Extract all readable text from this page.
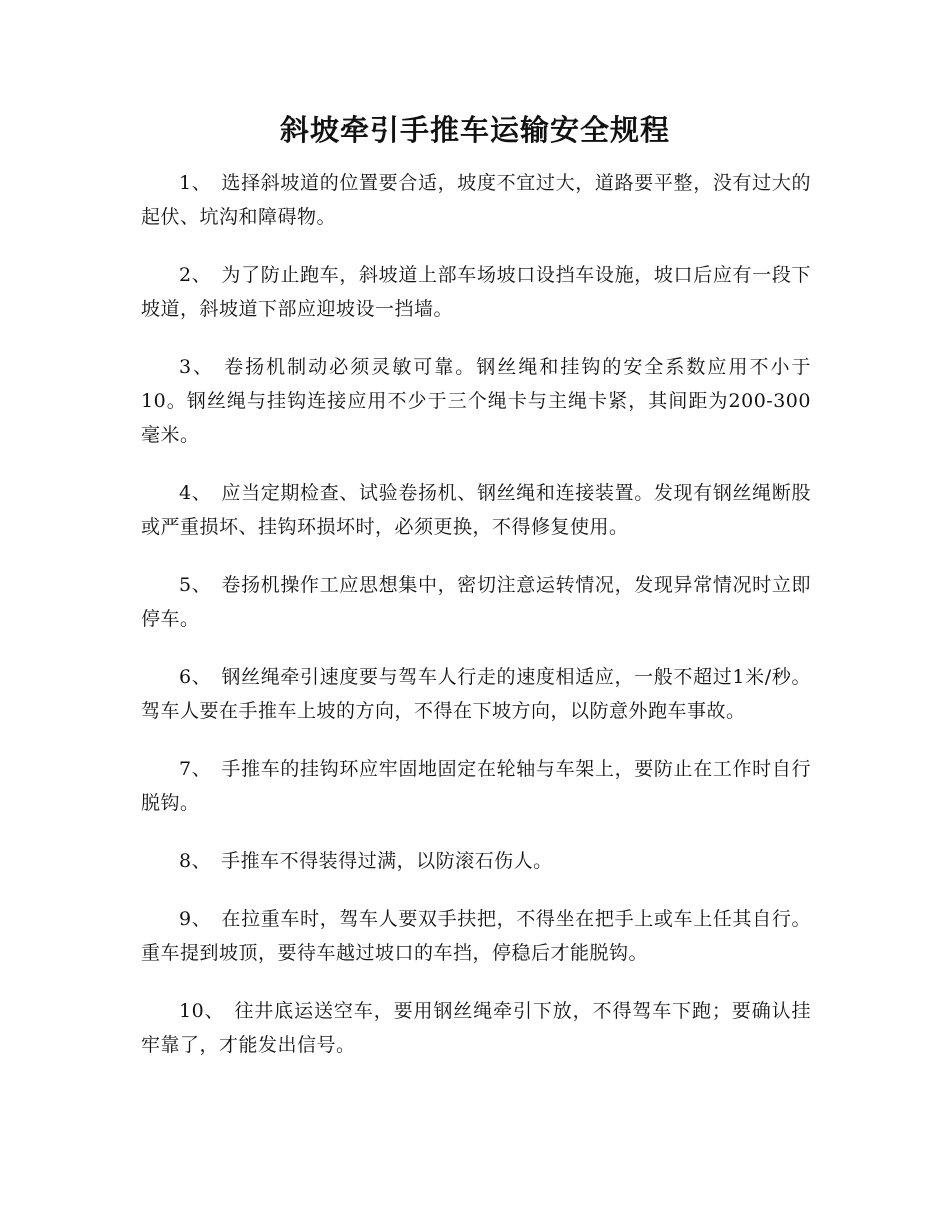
斜坡牵引手推车运输安全规程
1、 选择斜坡道的位置要合适，坡度不宜过大，道路要平整，没有过大的起伏、坑沟和障碍物。
2、 为了防止跑车，斜坡道上部车场坡口设挡车设施，坡口后应有一段下坡道，斜坡道下部应迎坡设一挡墙。
3、 卷扬机制动必须灵敏可靠。钢丝绳和挂钩的安全系数应用不小于10。钢丝绳与挂钩连接应用不少于三个绳卡与主绳卡紧，其间距为200-300毫米。
4、 应当定期检查、试验卷扬机、钢丝绳和连接装置。发现有钢丝绳断股或严重损坏、挂钩环损坏时，必须更换，不得修复使用。
5、 卷扬机操作工应思想集中，密切注意运转情况，发现异常情况时立即停车。
6、 钢丝绳牵引速度要与驾车人行走的速度相适应，一般不超过1米/秒。驾车人要在手推车上坡的方向，不得在下坡方向，以防意外跑车事故。
7、 手推车的挂钩环应牢固地固定在轮轴与车架上，要防止在工作时自行脱钩。
8、 手推车不得装得过满，以防滚石伤人。
9、 在拉重车时，驾车人要双手扶把，不得坐在把手上或车上任其自行。重车提到坡顶，要待车越过坡口的车挡，停稳后才能脱钩。
10、 往井底运送空车，要用钢丝绳牵引下放，不得驾车下跑；要确认挂牢靠了，才能发出信号。
